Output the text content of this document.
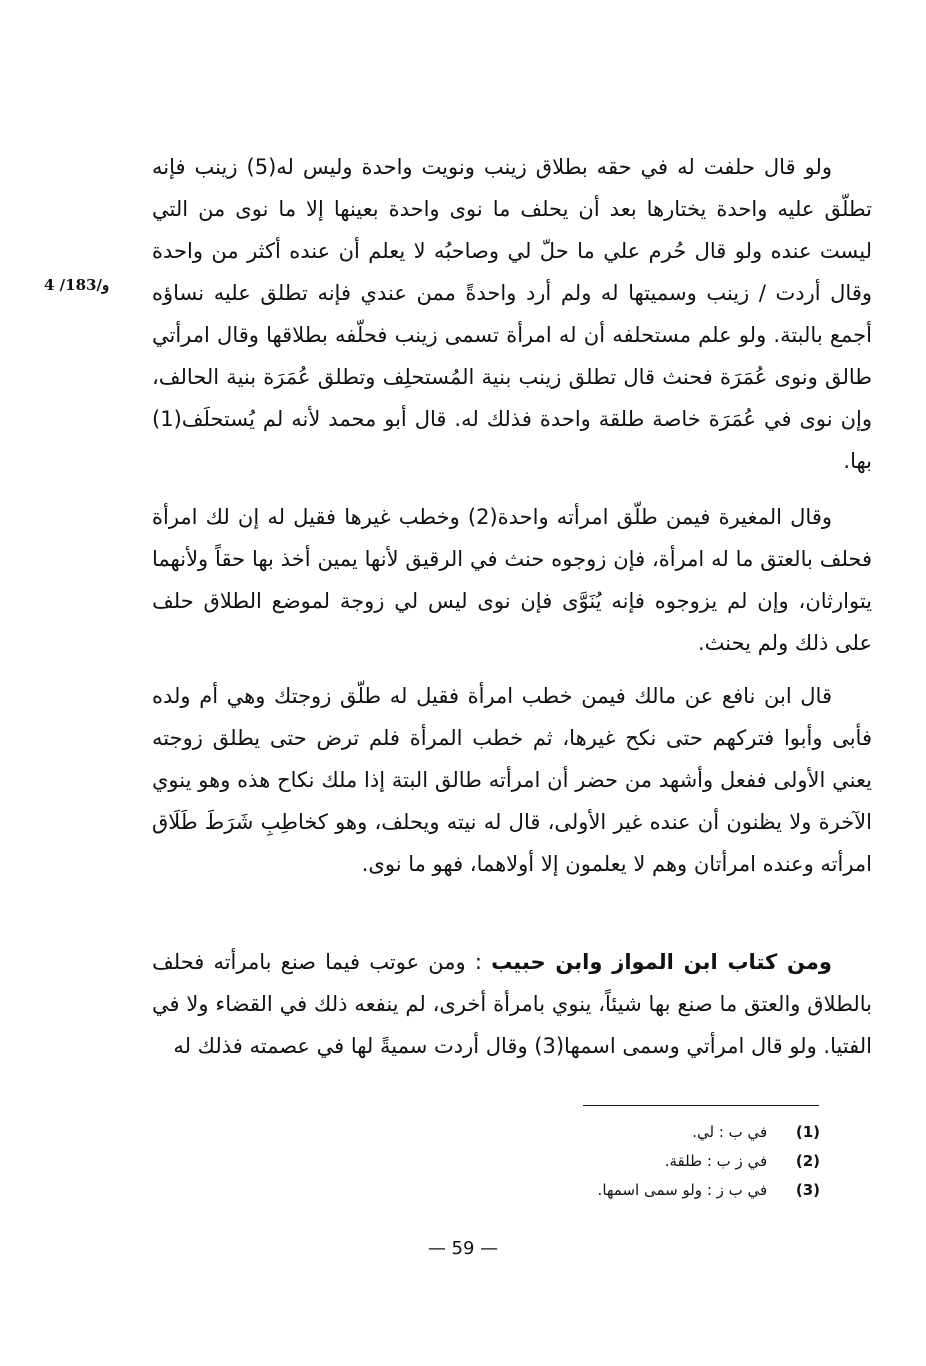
4 /183/و

ولو قال حلفت له في حقه بطلاق زينب ونويت واحدة وليس له(5) زينب فإنه تطلّق عليه واحدة يختارها بعد أن يحلف ما نوى واحدة بعينها إلا ما نوى من التي ليست عنده ولو قال حُرم علي ما حلّ لي وصاحبُه لا يعلم أن عنده أكثر من واحدة وقال أردت / زينب وسميتها له ولم أرد واحدةً ممن عندي فإنه تطلق عليه نساؤه أجمع بالبتة. ولو علم مستحلفه أن له امرأة تسمى زينب فحلّفه بطلاقها وقال امرأتي طالق ونوى عُمَرَة فحنث قال تطلق زينب بنية المُستحلِف وتطلق عُمَرَة بنية الحالف، وإن نوى في عُمَرَة خاصة طلقة واحدة فذلك له. قال أبو محمد لأنه لم يُستحلَف(1) بها.

وقال المغيرة فيمن طلّق امرأته واحدة(2) وخطب غيرها فقيل له إن لك امرأة فحلف بالعتق ما له امرأة، فإن زوجوه حنث في الرقيق لأنها يمين أخذ بها حقاً ولأنهما يتوارثان، وإن لم يزوجوه فإنه يُنَوَّى فإن نوى ليس لي زوجة لموضع الطلاق حلف على ذلك ولم يحنث.

قال ابن نافع عن مالك فيمن خطب امرأة فقيل له طلّق زوجتك وهي أم ولده فأبى وأبوا فتركهم حتى نكح غيرها، ثم خطب المرأة فلم ترض حتى يطلق زوجته يعني الأولى ففعل وأشهد من حضر أن امرأته طالق البتة إذا ملك نكاح هذه وهو ينوي الآخرة ولا يظنون أن عنده غير الأولى، قال له نيته ويحلف، وهو كخاطِبِ شَرَطَ طَلَاق امرأته وعنده امرأتان وهم لا يعلمون إلا أولاهما، فهو ما نوى.

ومن كتاب ابن المواز وابن حبيب : ومن عوتب فيما صنع بامرأته فحلف بالطلاق والعتق ما صنع بها شيئاً، ينوي بامرأة أخرى، لم ينفعه ذلك في القضاء ولا في الفتيا. ولو قال امرأتي وسمى اسمها(3) وقال أردت سميةً لها في عصمته فذلك له

(1) في ب : لي.
(2) في ز ب : طلقة.
(3) في ب ز : ولو سمى اسمها.
— 59 —
